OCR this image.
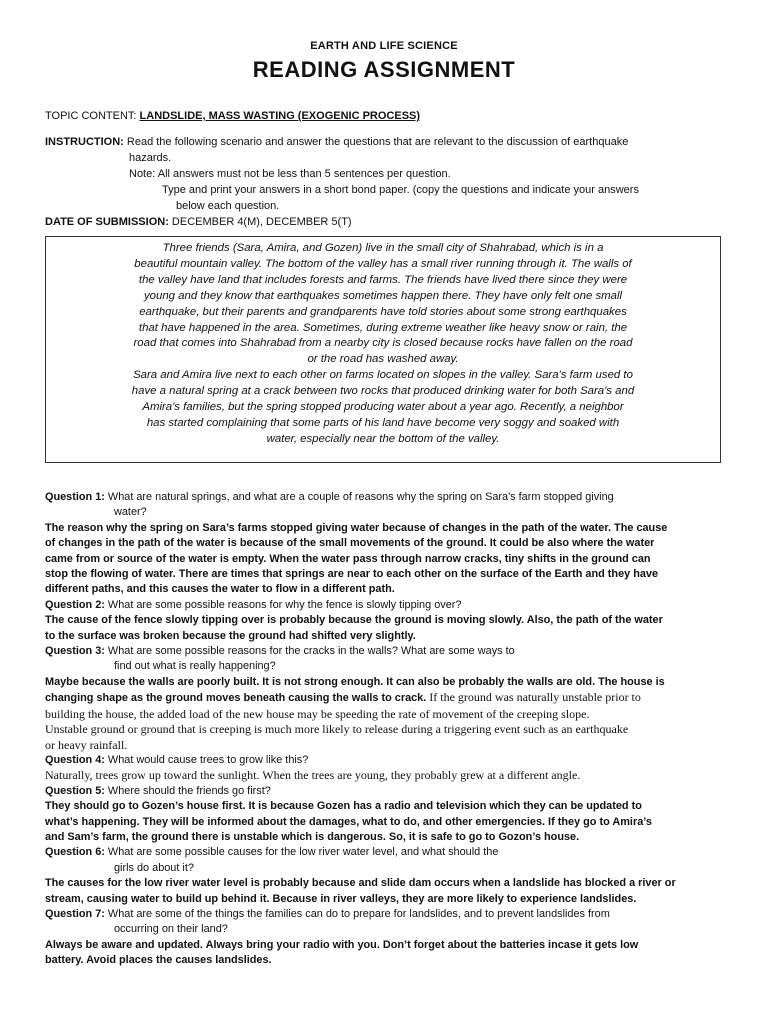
EARTH AND LIFE SCIENCE
READING ASSIGNMENT
TOPIC CONTENT: LANDSLIDE, MASS WASTING (EXOGENIC PROCESS)
INSTRUCTION: Read the following scenario and answer the questions that are relevant to the discussion of earthquake
hazards.
Note: All answers must not be less than 5 sentences per question.
Type and print your answers in a short bond paper. (copy the questions and indicate your answers
below each question.
DATE OF SUBMISSION: DECEMBER 4(M), DECEMBER 5(T)

Three friends (Sara, Amira, and Gozen) live in the small city of Shahrabad, which is in a

beautiful mountain valley. The bottom of the valley has a small river running through it. The walls of

the valley have land that includes forests and farms. The friends have lived there since they were

young and they know that earthquakes sometimes happen there. They have only felt one small

earthquake, but their parents and grandparents have told stories about some strong earthquakes

that have happened in the area. Sometimes, during extreme weather like heavy snow or rain, the

road that comes into Shahrabad from a nearby city is closed because rocks have fallen on the road

or the road has washed away.

Sara and Amira live next to each other on farms located on slopes in the valley. Sara's farm used to

have a natural spring at a crack between two rocks that produced drinking water for both Sara's and

Amira's families, but the spring stopped producing water about a year ago. Recently, a neighbor

has started complaining that some parts of his land have become very soggy and soaked with

water, especially near the bottom of the valley.

Question 1: What are natural springs, and what are a couple of reasons why the spring on Sara's farm stopped giving
water?
The reason why the spring on Sara’s farms stopped giving water because of changes in the path of the water. The cause
of changes in the path of the water is because of the small movements of the ground. It could be also where the water
came from or source of the water is empty. When the water pass through narrow cracks, tiny shifts in the ground can
stop the flowing of water. There are times that springs are near to each other on the surface of the Earth and they have
different paths, and this causes the water to flow in a different path.
Question 2: What are some possible reasons for why the fence is slowly tipping over?
The cause of the fence slowly tipping over is probably because the ground is moving slowly. Also, the path of the water
to the surface was broken because the ground had shifted very slightly.
Question 3: What are some possible reasons for the cracks in the walls? What are some ways to
find out what is really happening?
Maybe because the walls are poorly built. It is not strong enough. It can also be probably the walls are old. The house is
changing shape as the ground moves beneath causing the walls to crack. If the ground was naturally unstable prior to
building the house, the added load of the new house may be speeding the rate of movement of the creeping slope.
Unstable ground or ground that is creeping is much more likely to release during a triggering event such as an earthquake
or heavy rainfall.
Question 4: What would cause trees to grow like this?
Naturally, trees grow up toward the sunlight. When the trees are young, they probably grew at a different angle.
Question 5: Where should the friends go first?
They should go to Gozen’s house first. It is because Gozen has a radio and television which they can be updated to
what’s happening. They will be informed about the damages, what to do, and other emergencies. If they go to Amira’s
and Sam’s farm, the ground there is unstable which is dangerous. So, it is safe to go to Gozon’s house.
Question 6: What are some possible causes for the low river water level, and what should the
girls do about it?
The causes for the low river water level is probably because and slide dam occurs when a landslide has blocked a river or
stream, causing water to build up behind it. Because in river valleys, they are more likely to experience landslides.
Question 7: What are some of the things the families can do to prepare for landslides, and to prevent landslides from
occurring on their land?
Always be aware and updated. Always bring your radio with you. Don’t forget about the batteries incase it gets low
battery. Avoid places the causes landslides.
